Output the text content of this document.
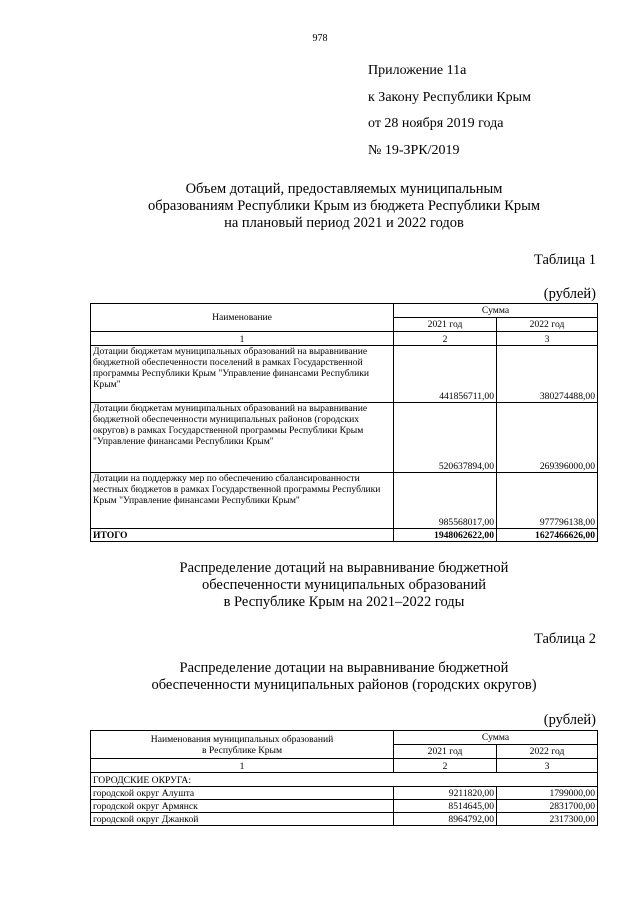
978
Приложение 11а
к Закону Республики Крым
от 28 ноября 2019 года
№ 19-ЗРК/2019
Объем дотаций, предоставляемых муниципальным
образованиям Республики Крым из бюджета Республики Крым
на плановый период 2021 и 2022 годов
Таблица 1
(рублей)
Наименование	Сумма	
	2021 год	2022 год
1	2	3
Дотации бюджетам муниципальных образований на выравнивание бюджетной обеспеченности поселений в рамках Государственной программы Республики Крым "Управление финансами Республики Крым"	441856711,00	380274488,00
Дотации бюджетам муниципальных образований на выравнивание бюджетной обеспеченности муниципальных районов (городских округов) в рамках Государственной программы Республики Крым "Управление финансами Республики Крым"	520637894,00	269396000,00
Дотации на поддержку мер по обеспечению сбалансированности местных бюджетов в рамках Государственной программы Республики Крым "Управление финансами Республики Крым"	985568017,00	977796138,00
ИТОГО	1948062622,00	1627466626,00
Распределение дотаций на выравнивание бюджетной
обеспеченности муниципальных образований
в Республике Крым на 2021–2022 годы
Таблица 2
Распределение дотации на выравнивание бюджетной
обеспеченности муниципальных районов (городских округов)
(рублей)
Наименования муниципальных образований
в Республике Крым	Сумма	
	2021 год	2022 год
1	2	3
ГОРОДСКИЕ ОКРУГА:		
городской округ Алушта	9211820,00	1799000,00
городской округ Армянск	8514645,00	2831700,00
городской округ Джанкой	8964792,00	2317300,00
